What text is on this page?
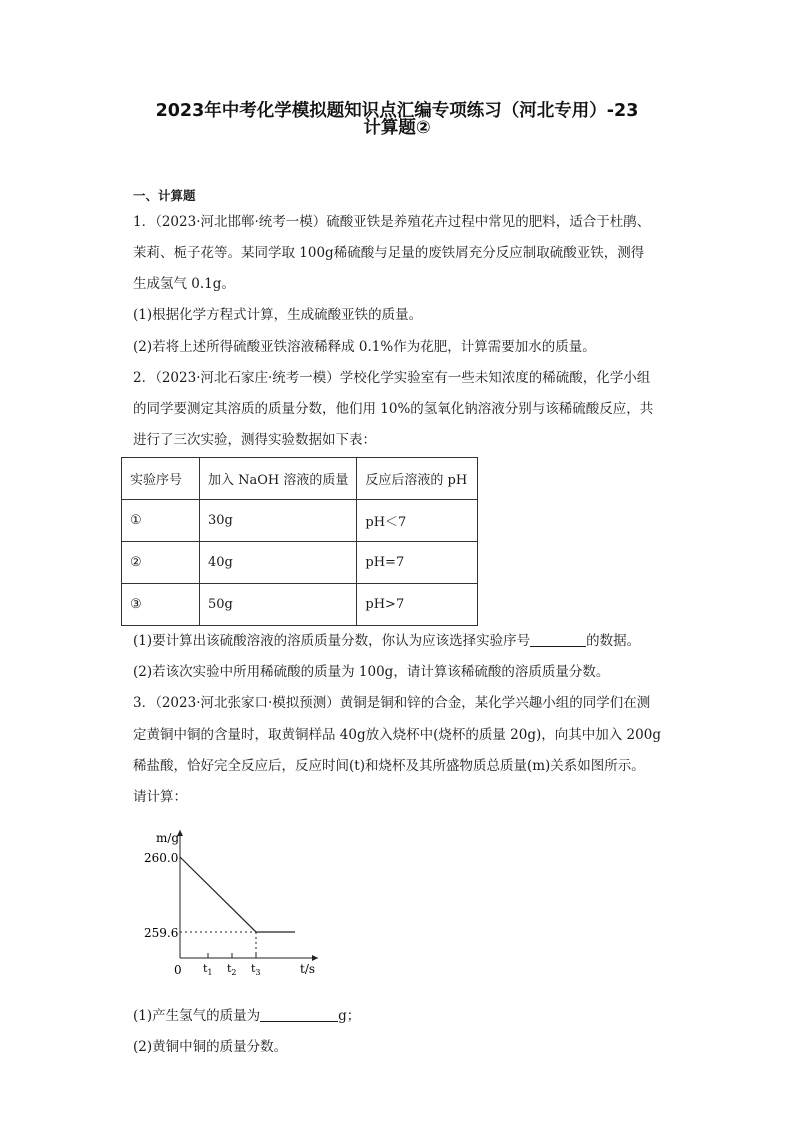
2023年中考化学模拟题知识点汇编专项练习（河北专用）-23
计算题②
一、计算题
1．（2023·河北邯郸·统考一模）硫酸亚铁是养殖花卉过程中常见的肥料，适合于杜鹃、
茉莉、栀子花等。某同学取 100g稀硫酸与足量的废铁屑充分反应制取硫酸亚铁，测得
生成氢气 0.1g。
(1)根据化学方程式计算，生成硫酸亚铁的质量。
(2)若将上述所得硫酸亚铁溶液稀释成 0.1%作为花肥，计算需要加水的质量。
2．（2023·河北石家庄·统考一模）学校化学实验室有一些未知浓度的稀硫酸，化学小组
的同学要测定其溶质的质量分数，他们用 10%的氢氧化钠溶液分别与该稀硫酸反应，共
进行了三次实验，测得实验数据如下表：
实验序号	加入 NaOH 溶液的质量	反应后溶液的 pH
①	30g	pH＜7
②	40g	pH=7
③	50g	pH>7
(1)要计算出该硫酸溶液的溶质质量分数，你认为应该选择实验序号	的数据。
(2)若该次实验中所用稀硫酸的质量为 100g，请计算该稀硫酸的溶质质量分数。
3．（2023·河北张家口·模拟预测）黄铜是铜和锌的合金，某化学兴趣小组的同学们在测
定黄铜中铜的含量时，取黄铜样品 40g放入烧杯中(烧杯的质量 20g)，向其中加入 200g
稀盐酸，恰好完全反应后，反应时间(t)和烧杯及其所盛物质总质量(m)关系如图所示。
请计算：
m/g
t/s
0
260.0
259.6
$t_1$ $t_2$ $t_3$
(1)产生氢气的质量为	g；
(2)黄铜中铜的质量分数。
